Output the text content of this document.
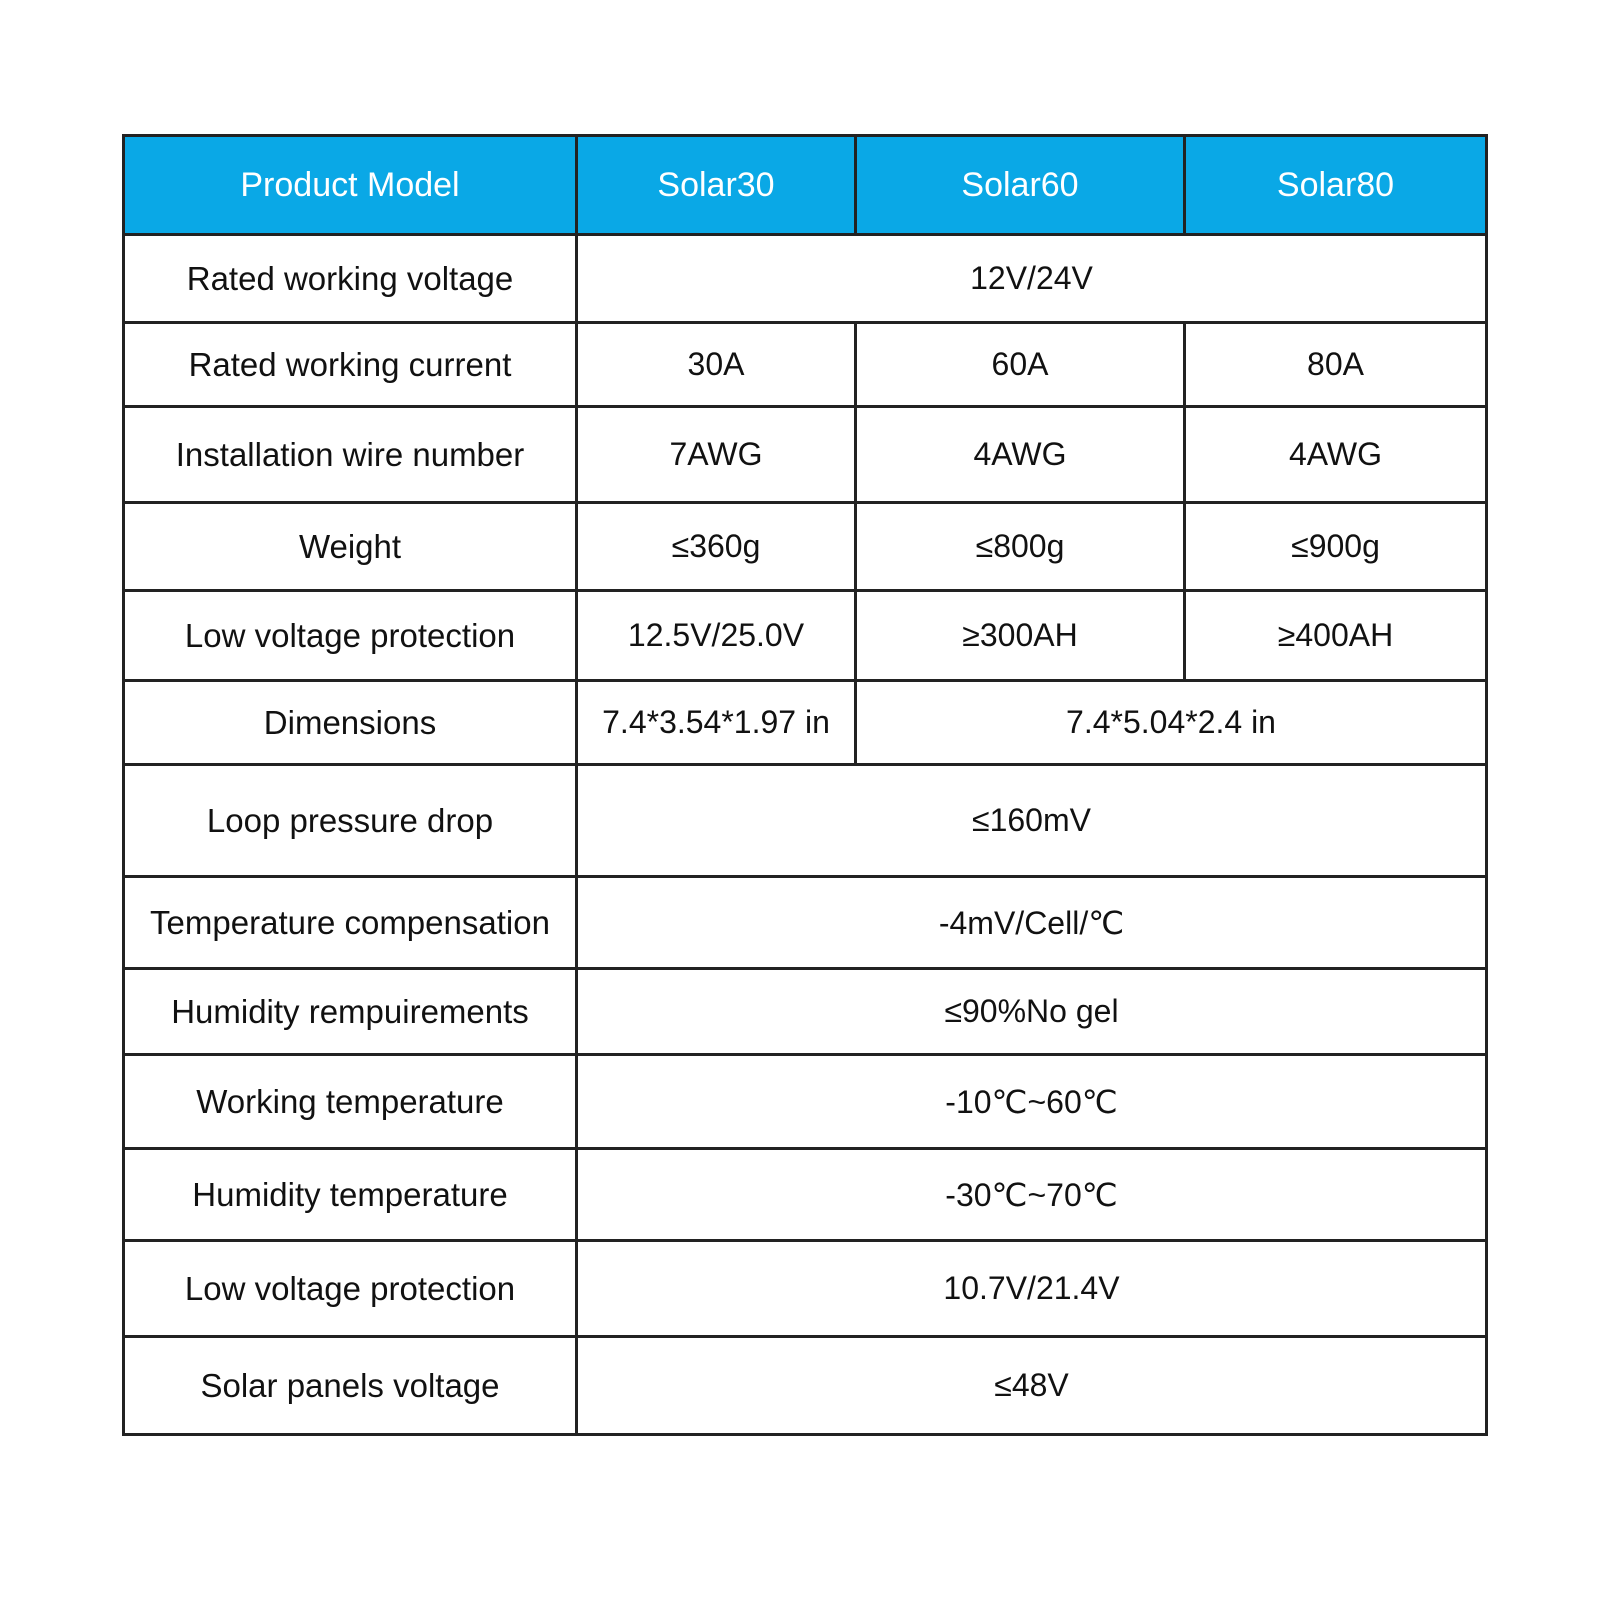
Product Model	Solar30	Solar60	Solar80
Rated working voltage	12V/24V		
Rated working current	30A	60A	80A
Installation wire number	7AWG	4AWG	4AWG
Weight	≤360g	≤800g	≤900g
Low voltage protection	12.5V/25.0V	≥300AH	≥400AH
Dimensions	7.4*3.54*1.97 in	7.4*5.04*2.4 in	
Loop pressure drop	≤160mV		
Temperature compensation	-4mV/Cell/℃		
Humidity rempuirements	≤90%No gel		
Working temperature	-10℃~60℃		
Humidity temperature	-30℃~70℃		
Low voltage protection	10.7V/21.4V		
Solar panels voltage	≤48V		
